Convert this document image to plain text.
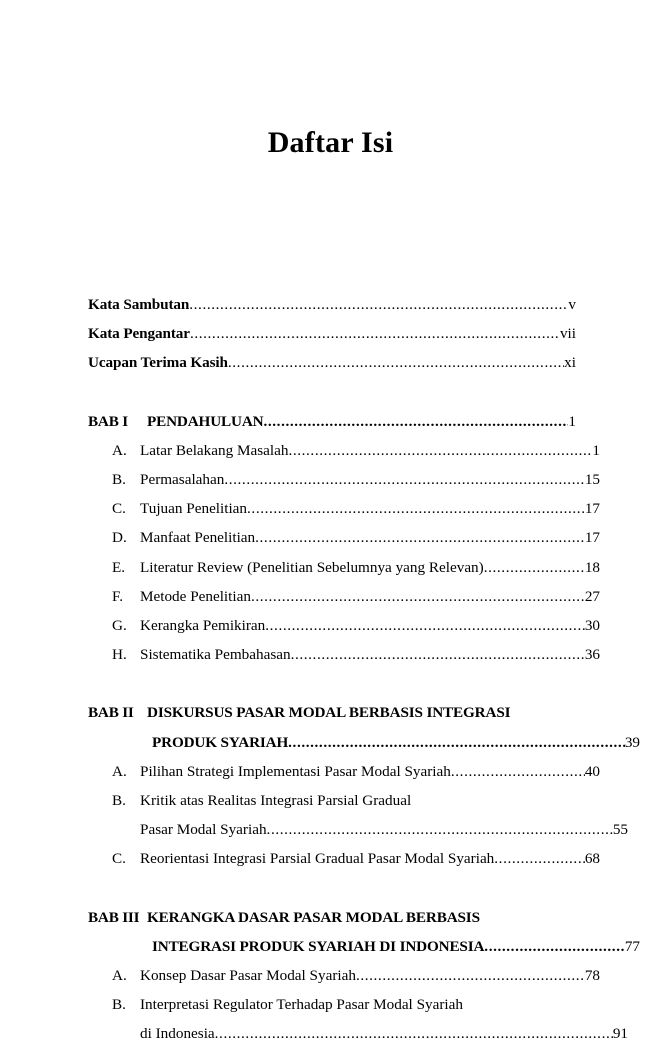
Daftar Isi
Kata Sambutan .....	v
Kata Pengantar .....	vii
Ucapan Terima Kasih .....	xi
BAB I	PENDAHULUAN .....	1
A. Latar Belakang Masalah .....	1
B. Permasalahan .....	15
C. Tujuan Penelitian .....	17
D. Manfaat Penelitian .....	17
E. Literatur Review (Penelitian Sebelumnya yang Relevan) .....	18
F.	Metode Penelitian .....	27
G. Kerangka Pemikiran .....	30
H. Sistematika Pembahasan .....	36
BAB II DISKURSUS PASAR MODAL BERBASIS INTEGRASI
PRODUK SYARIAH .....	39
A. Pilihan Strategi Implementasi Pasar Modal Syariah .....	40
B. Kritik atas Realitas Integrasi Parsial Gradual
Pasar Modal Syariah .....	55
C. Reorientasi Integrasi Parsial Gradual Pasar Modal Syariah .....	68
BAB III KERANGKA DASAR PASAR MODAL BERBASIS
INTEGRASI PRODUK SYARIAH DI INDONESIA .....	77
A. Konsep Dasar Pasar Modal Syariah .....	78
B. Interpretasi Regulator Terhadap Pasar Modal Syariah
di Indonesia .....	91
